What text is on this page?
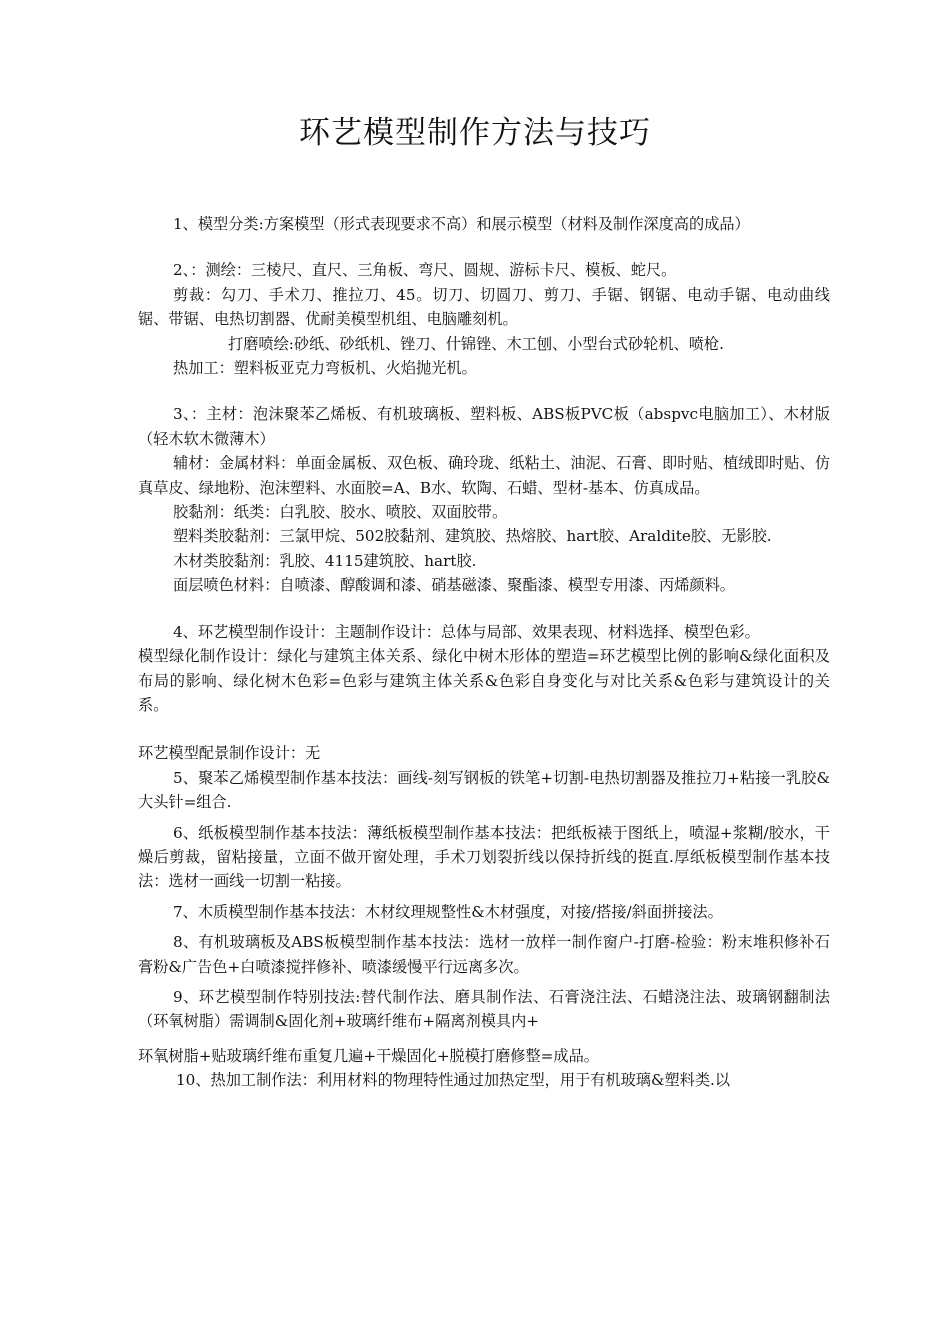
环艺模型制作方法与技巧

1、模型分类:方案模型（形式表现要求不高）和展示模型（材料及制作深度高的成品）

2、：测绘：三棱尺、直尺、三角板、弯尺、圆规、游标卡尺、模板、蛇尺。

剪裁：勾刀、手术刀、推拉刀、45。切刀、切圆刀、剪刀、手锯、钢锯、电动手锯、电动曲线锯、带锯、电热切割器、优耐美模型机组、电脑雕刻机。

打磨喷绘:砂纸、砂纸机、锉刀、什锦锉、木工刨、小型台式砂轮机、喷枪.

热加工：塑料板亚克力弯板机、火焰抛光机。

3、：主材：泡沫聚苯乙烯板、有机玻璃板、塑料板、ABS板PVC板（abspvc电脑加工）、木材版（轻木软木微薄木）

辅材：金属材料：单面金属板、双色板、确玲珑、纸粘土、油泥、石膏、即时贴、植绒即时贴、仿真草皮、绿地粉、泡沫塑料、水面胶=A、B水、软陶、石蜡、型材-基本、仿真成品。

胶黏剂：纸类：白乳胶、胶水、喷胶、双面胶带。

塑料类胶黏剂：三氯甲烷、502胶黏剂、建筑胶、热熔胶、hart胶、Araldite胶、无影胶.

木材类胶黏剂：乳胶、4115建筑胶、hart胶.

面层喷色材料：自喷漆、醇酸调和漆、硝基磁漆、聚酯漆、模型专用漆、丙烯颜料。

4、环艺模型制作设计：主题制作设计：总体与局部、效果表现、材料选择、模型色彩。

模型绿化制作设计：绿化与建筑主体关系、绿化中树木形体的塑造=环艺模型比例的影响&绿化面积及布局的影响、绿化树木色彩=色彩与建筑主体关系&色彩自身变化与对比关系&色彩与建筑设计的关系。

环艺模型配景制作设计：无

5、聚苯乙烯模型制作基本技法：画线-刻写钢板的铁笔+切割-电热切割器及推拉刀+粘接一乳胶&大头针=组合.

6、纸板模型制作基本技法：薄纸板模型制作基本技法：把纸板裱于图纸上，喷湿+浆糊/胶水，干燥后剪裁，留粘接量，立面不做开窗处理，手术刀划裂折线以保持折线的挺直.厚纸板模型制作基本技法：选材一画线一切割一粘接。

7、木质模型制作基本技法：木材纹理规整性&木材强度，对接/搭接/斜面拼接法。

8、有机玻璃板及ABS板模型制作基本技法：选材一放样一制作窗户-打磨-检验：粉末堆积修补石膏粉&广告色+白喷漆搅拌修补、喷漆缓慢平行远离多次。

9、环艺模型制作特别技法:替代制作法、磨具制作法、石膏浇注法、石蜡浇注法、玻璃钢翻制法（环氧树脂）需调制&固化剂+玻璃纤维布+隔离剂模具内+

环氧树脂+贴玻璃纤维布重复几遍+干燥固化+脱模打磨修整=成品。

10、热加工制作法：利用材料的物理特性通过加热定型，用于有机玻璃&塑料类.以
